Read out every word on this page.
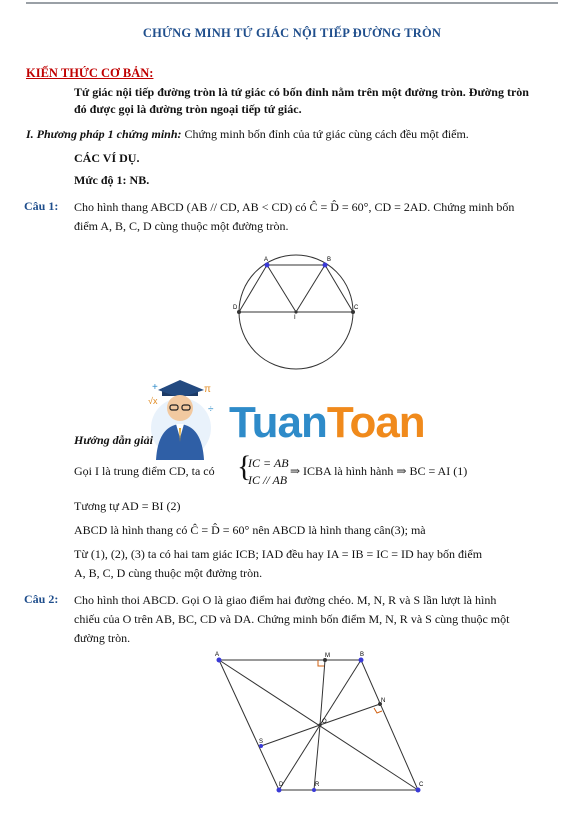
CHỨNG MINH TỨ GIÁC NỘI TIẾP ĐƯỜNG TRÒN
KIẾN THỨC CƠ BẢN:
Tứ giác nội tiếp đường tròn là tứ giác có bốn đỉnh nằm trên một đường tròn. Đường tròn
đó được gọi là đường tròn ngoại tiếp tứ giác.
I. Phương pháp 1 chứng minh: Chứng minh bốn đỉnh của tứ giác cùng cách đều một điểm.
CÁC VÍ DỤ.
Mức độ 1: NB.
Câu 1: Cho hình thang ABCD (AB // CD, AB < CD) có Ĉ = D̂ = 60°, CD = 2AD. Chứng minh bốn
điểm A, B, C, D cùng thuộc một đường tròn.
A	B
C
D
I
√x
π
÷
+
TuanToan
Hướng dẫn giải
Gọi I là trung điểm CD, ta có {
IC = AB
IC // AB
⇒ ICBA là hình hành ⇒ BC = AI (1)
Tương tự AD = BI (2)
ABCD là hình thang có Ĉ = D̂ = 60° nên ABCD là hình thang cân(3); mà
Từ (1), (2), (3) ta có hai tam giác ICB; IAD đều hay IA = IB = IC = ID hay bốn điểm
A, B, C, D cùng thuộc một đường tròn.
Câu 2: Cho hình thoi ABCD. Gọi O là giao điểm hai đường chéo. M, N, R và S lần lượt là hình
chiếu của O trên AB, BC, CD và DA. Chứng minh bốn điểm M, N, R và S cùng thuộc một
đường tròn.
A	M	B
N
O
S
D	R	C
